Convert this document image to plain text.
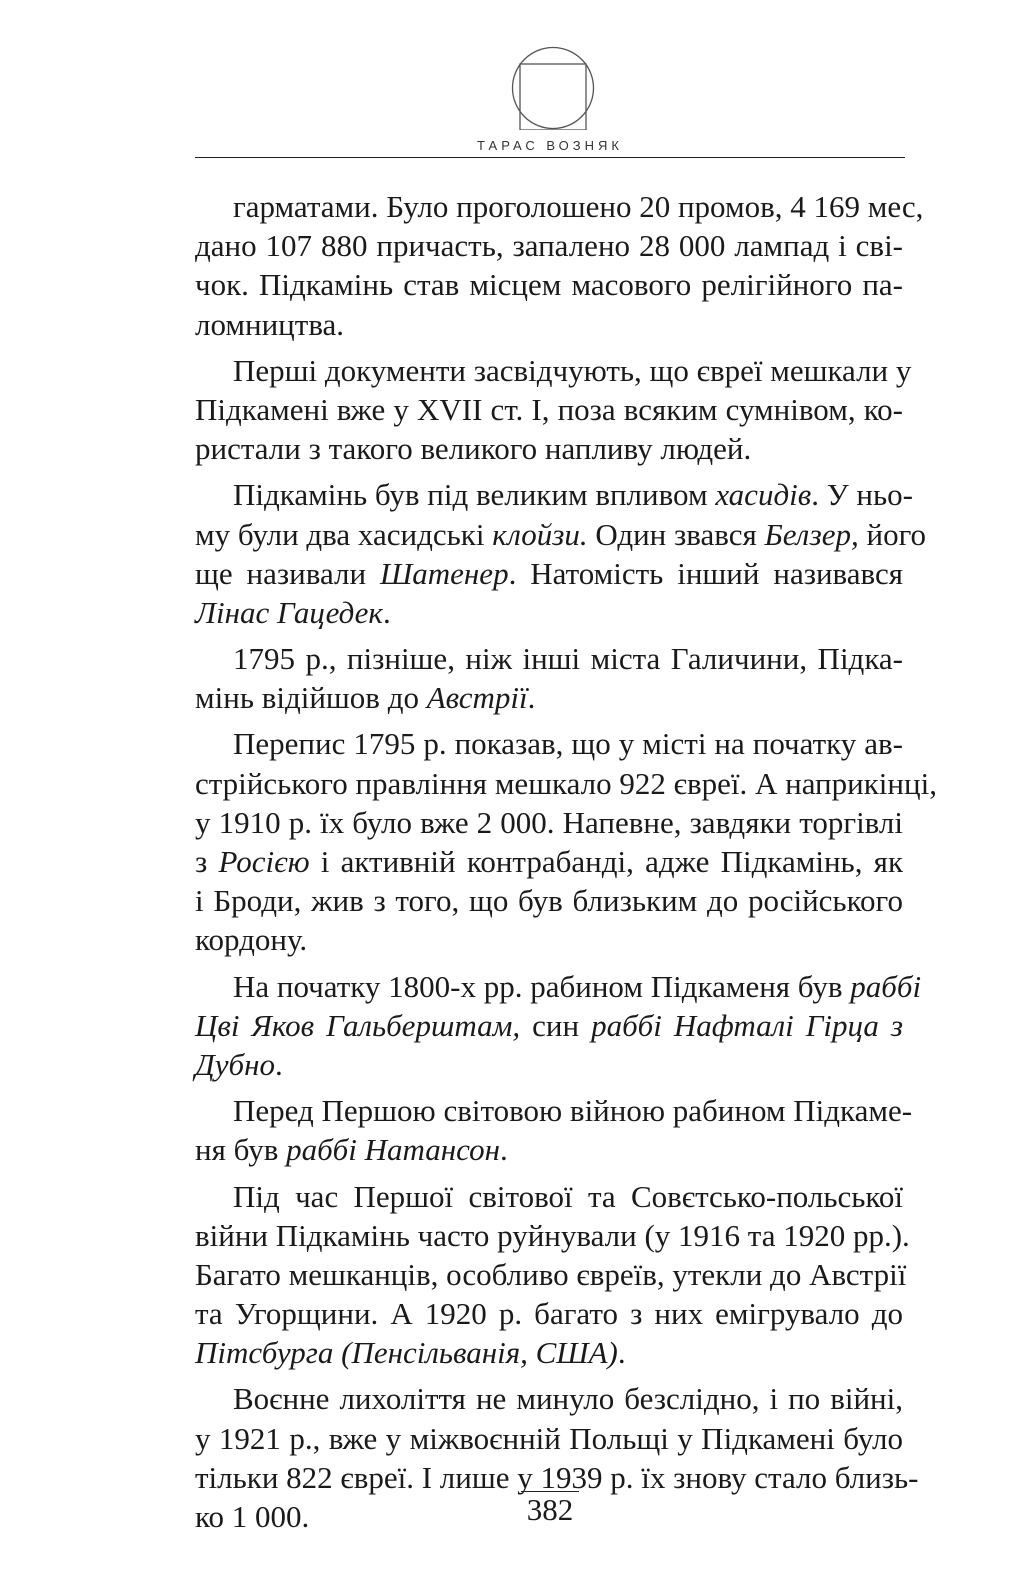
ТАРАС ВОЗНЯК
гарматами. Було проголошено 20 промов, 4 169 мес,
дано 107 880 причасть, запалено 28 000 лампад і сві-
чок. Підкамінь став місцем масового релігійного па-
ломництва.
Перші документи засвідчують, що євреї мешкали у
Підкамені вже у XVII ст. І, поза всяким сумнівом, ко-
ристали з такого великого напливу людей.
Підкамінь був під великим впливом хасидів. У ньо-
му були два хасидські клойзи. Один звався Белзер, його
ще називали Шатенер. Натомість інший називався
Лінас Гацедек.
1795 р., пізніше, ніж інші міста Галичини, Підка-
мінь відійшов до Австрії.
Перепис 1795 р. показав, що у місті на початку ав-
стрійського правління мешкало 922 євреї. А наприкінці,
у 1910 р. їх було вже 2 000. Напевне, завдяки торгівлі
з Росією і активній контрабанді, адже Підкамінь, як
і Броди, жив з того, що був близьким до російського
кордону.
На початку 1800-х рр. рабином Підкаменя був раббі
Цві Яков Гальберштам, син раббі Нафталі Гірца з
Дубно.
Перед Першою світовою війною рабином Підкаме-
ня був раббі Натансон.
Під час Першої світової та Совєтсько-польської
війни Підкамінь часто руйнували (у 1916 та 1920 рр.).
Багато мешканців, особливо євреїв, утекли до Австрії
та Угорщини. А 1920 р. багато з них емігрувало до
Пітсбурга (Пенсільванія, США).
Воєнне лихоліття не минуло безслідно, і по війні,
у 1921 р., вже у міжвоєнній Польщі у Підкамені було
тільки 822 євреї. І лише у 1939 р. їх знову стало близь-
ко 1 000.	382
